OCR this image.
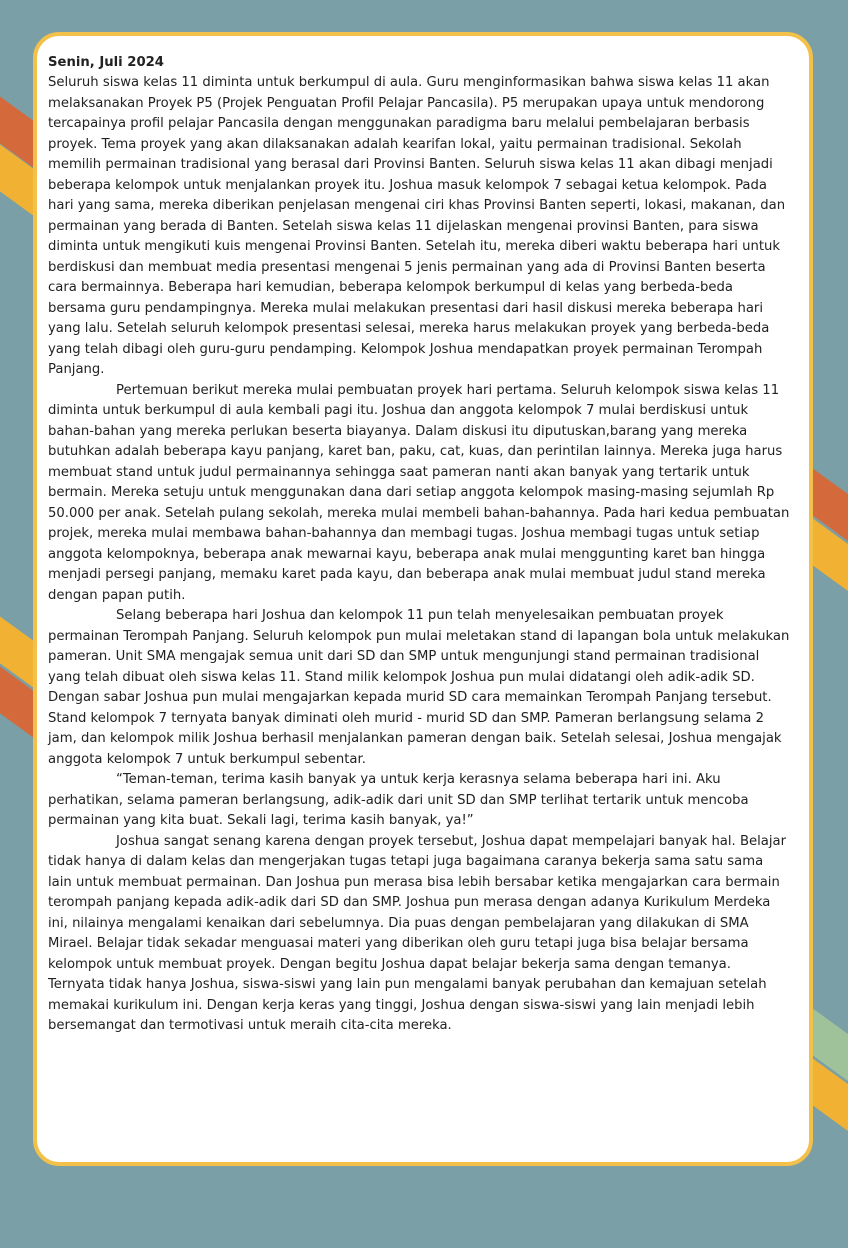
Senin, Juli 2024

Seluruh siswa kelas 11 diminta untuk berkumpul di aula. Guru menginformasikan bahwa siswa kelas 11 akan melaksanakan Proyek P5 (Projek Penguatan Profil Pelajar Pancasila). P5 merupakan upaya untuk mendorong tercapainya profil pelajar Pancasila dengan menggunakan paradigma baru melalui pembelajaran berbasis proyek. Tema proyek yang akan dilaksanakan adalah kearifan lokal, yaitu permainan tradisional. Sekolah memilih permainan tradisional yang berasal dari Provinsi Banten. Seluruh siswa kelas 11 akan dibagi menjadi beberapa kelompok untuk menjalankan proyek itu. Joshua masuk kelompok 7 sebagai ketua kelompok. Pada hari yang sama, mereka diberikan penjelasan mengenai ciri khas Provinsi Banten seperti, lokasi, makanan, dan permainan yang berada di Banten. Setelah siswa kelas 11 dijelaskan mengenai provinsi Banten, para siswa diminta untuk mengikuti kuis mengenai Provinsi Banten. Setelah itu, mereka diberi waktu beberapa hari untuk berdiskusi dan membuat media presentasi mengenai 5 jenis permainan yang ada di Provinsi Banten beserta cara bermainnya. Beberapa hari kemudian, beberapa kelompok berkumpul di kelas yang berbeda-beda bersama guru pendampingnya. Mereka mulai melakukan presentasi dari hasil diskusi mereka beberapa hari yang lalu. Setelah seluruh kelompok presentasi selesai, mereka harus melakukan proyek yang berbeda-beda yang telah dibagi oleh guru-guru pendamping. Kelompok Joshua mendapatkan proyek permainan Terompah Panjang.

Pertemuan berikut mereka mulai pembuatan proyek hari pertama. Seluruh kelompok siswa kelas 11 diminta untuk berkumpul di aula kembali pagi itu. Joshua dan anggota kelompok 7 mulai berdiskusi untuk bahan-bahan yang mereka perlukan beserta biayanya. Dalam diskusi itu diputuskan,barang yang mereka butuhkan adalah beberapa kayu panjang, karet ban, paku, cat, kuas, dan perintilan lainnya. Mereka juga harus membuat stand untuk judul permainannya sehingga saat pameran nanti akan banyak yang tertarik untuk bermain. Mereka setuju untuk menggunakan dana dari setiap anggota kelompok masing-masing sejumlah Rp 50.000 per anak. Setelah pulang sekolah, mereka mulai membeli bahan-bahannya. Pada hari kedua pembuatan projek, mereka mulai membawa bahan-bahannya dan membagi tugas. Joshua membagi tugas untuk setiap anggota kelompoknya, beberapa anak mewarnai kayu, beberapa anak mulai menggunting karet ban hingga menjadi persegi panjang, memaku karet pada kayu, dan beberapa anak mulai membuat judul stand mereka dengan papan putih.

Selang beberapa hari Joshua dan kelompok 11 pun telah menyelesaikan pembuatan proyek permainan Terompah Panjang. Seluruh kelompok pun mulai meletakan stand di lapangan bola untuk melakukan pameran. Unit SMA mengajak semua unit dari SD dan SMP untuk mengunjungi stand permainan tradisional yang telah dibuat oleh siswa kelas 11. Stand milik kelompok Joshua pun mulai didatangi oleh adik-adik SD. Dengan sabar Joshua pun mulai mengajarkan kepada murid SD cara memainkan Terompah Panjang tersebut. Stand kelompok 7 ternyata banyak diminati oleh murid - murid SD dan SMP. Pameran berlangsung selama 2 jam, dan kelompok milik Joshua berhasil menjalankan pameran dengan baik. Setelah selesai, Joshua mengajak anggota kelompok 7 untuk berkumpul sebentar.

“Teman-teman, terima kasih banyak ya untuk kerja kerasnya selama beberapa hari ini. Aku perhatikan, selama pameran berlangsung, adik-adik dari unit SD dan SMP terlihat tertarik untuk mencoba permainan yang kita buat. Sekali lagi, terima kasih banyak, ya!”

Joshua sangat senang karena dengan proyek tersebut, Joshua dapat mempelajari banyak hal. Belajar tidak hanya di dalam kelas dan mengerjakan tugas tetapi juga bagaimana caranya bekerja sama satu sama lain untuk membuat permainan. Dan Joshua pun merasa bisa lebih bersabar ketika mengajarkan cara bermain terompah panjang kepada adik-adik dari SD dan SMP. Joshua pun merasa dengan adanya Kurikulum Merdeka ini, nilainya mengalami kenaikan dari sebelumnya. Dia puas dengan pembelajaran yang dilakukan di SMA Mirael. Belajar tidak sekadar menguasai materi yang diberikan oleh guru tetapi juga bisa belajar bersama kelompok untuk membuat proyek. Dengan begitu Joshua dapat belajar bekerja sama dengan temanya. Ternyata tidak hanya Joshua, siswa-siswi yang lain pun mengalami banyak perubahan dan kemajuan setelah memakai kurikulum ini. Dengan kerja keras yang tinggi, Joshua dengan siswa-siswi yang lain menjadi lebih bersemangat dan termotivasi untuk meraih cita-cita mereka.
